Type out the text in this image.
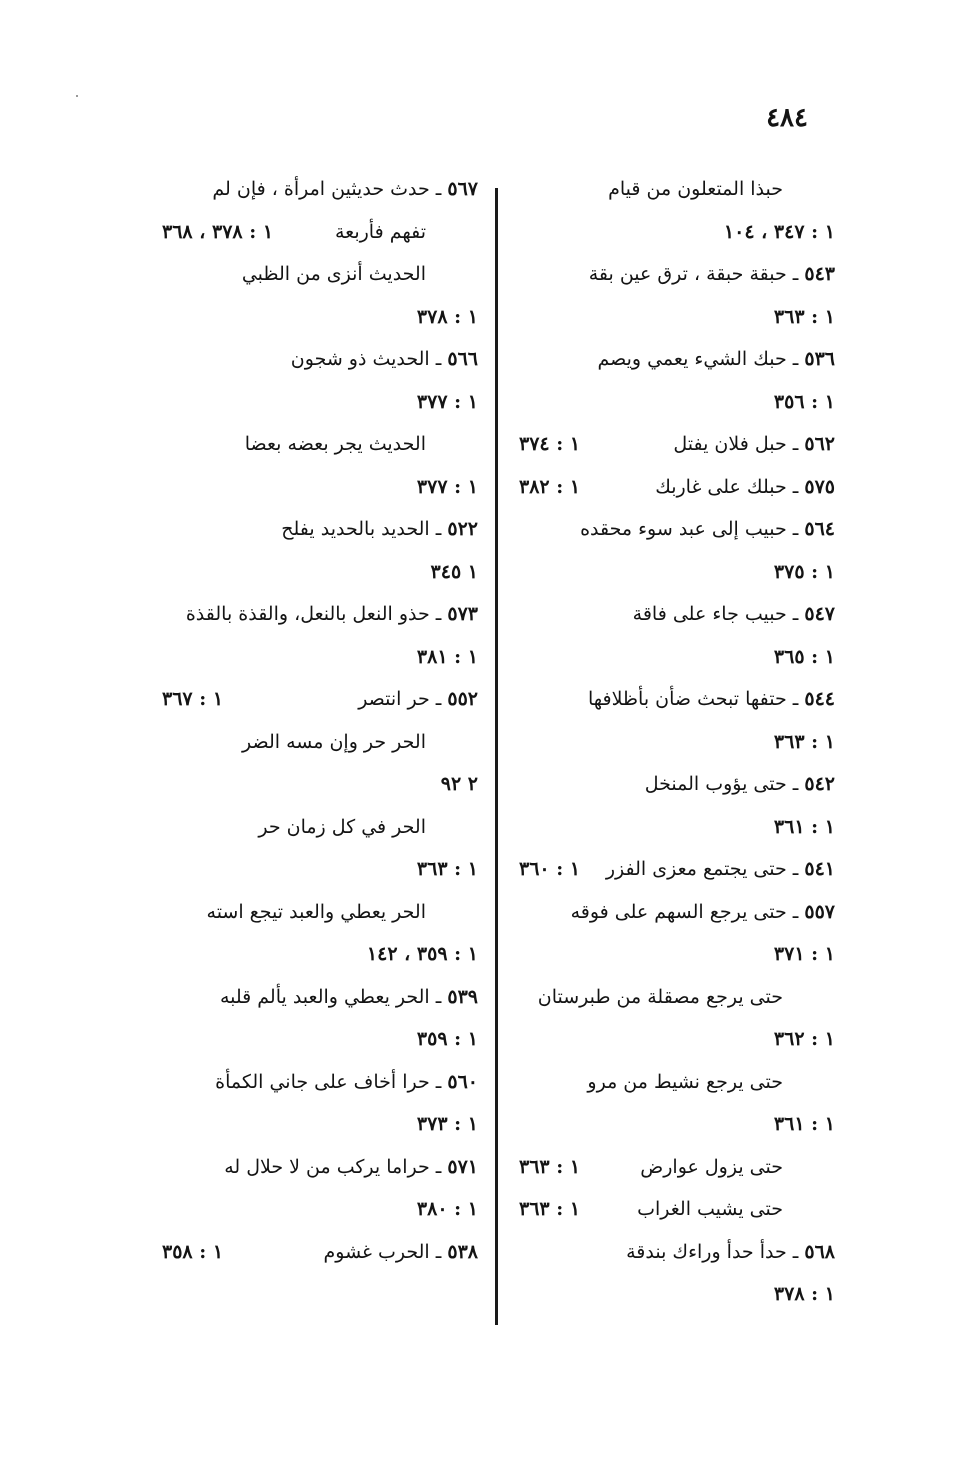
٤٨٤
حبذا المتعلون من قيام
١ : ٣٤٧ ، ١٠٤
٥٤٣ ـ حبقة حبقة ، ترق عين بقة
١ : ٣٦٣
٥٣٦ ـ حبك الشيء يعمي ويصم
١ : ٣٥٦
٥٦٢ ـ حبل فلان يفتل
١ : ٣٧٤
٥٧٥ ـ حبلك على غاربك
١ : ٣٨٢
٥٦٤ ـ حبيب إلى عبد سوء محقده
١ : ٣٧٥
٥٤٧ ـ حبيب جاء على فاقة
١ : ٣٦٥
٥٤٤ ـ حتفها تبحث ضأن بأظلافها
١ : ٣٦٣
٥٤٢ ـ حتى يؤوب المنخل
١ : ٣٦١
٥٤١ ـ حتى يجتمع معزى الفزر
١ : ٣٦٠
٥٥٧ ـ حتى يرجع السهم على فوقه
١ : ٣٧١
حتى يرجع مصقلة من طبرستان
١ : ٣٦٢
حتى يرجع نشيط من مرو
١ : ٣٦١
حتى يزول عوارض
١ : ٣٦٣
حتى يشيب الغراب
١ : ٣٦٣
٥٦٨ ـ حدأ حدأ وراءك بندقة
١ : ٣٧٨
٥٦٧ ـ حدث حديثين امرأة ، فإن لم
تفهم فأربعة
١ : ٣٧٨ ، ٣٦٨
الحديث أنزى من الظبي
١ : ٣٧٨
٥٦٦ ـ الحديث ذو شجون
١ : ٣٧٧
الحديث يجر بعضه بعضا
١ : ٣٧٧
٥٢٢ ـ الحديد بالحديد يفلح
١ ٣٤٥
٥٧٣ ـ حذو النعل بالنعل، والقذة بالقذة
١ : ٣٨١
٥٥٢ ـ حر انتصر
١ : ٣٦٧
الحر حر وإن مسه الضر
٢ ٩٢
الحر في كل زمان حر
١ : ٣٦٣
الحر يعطي والعبد تيجع استه
١ : ٣٥٩ ، ١٤٢
٥٣٩ ـ الحر يعطي والعبد يألم قلبه
١ : ٣٥٩
٥٦٠ ـ حرا أخاف على جاني الكمأة
١ : ٣٧٣
٥٧١ ـ حراما يركب من لا حلال له
١ : ٣٨٠
٥٣٨ ـ الحرب غشوم
١ : ٣٥٨
